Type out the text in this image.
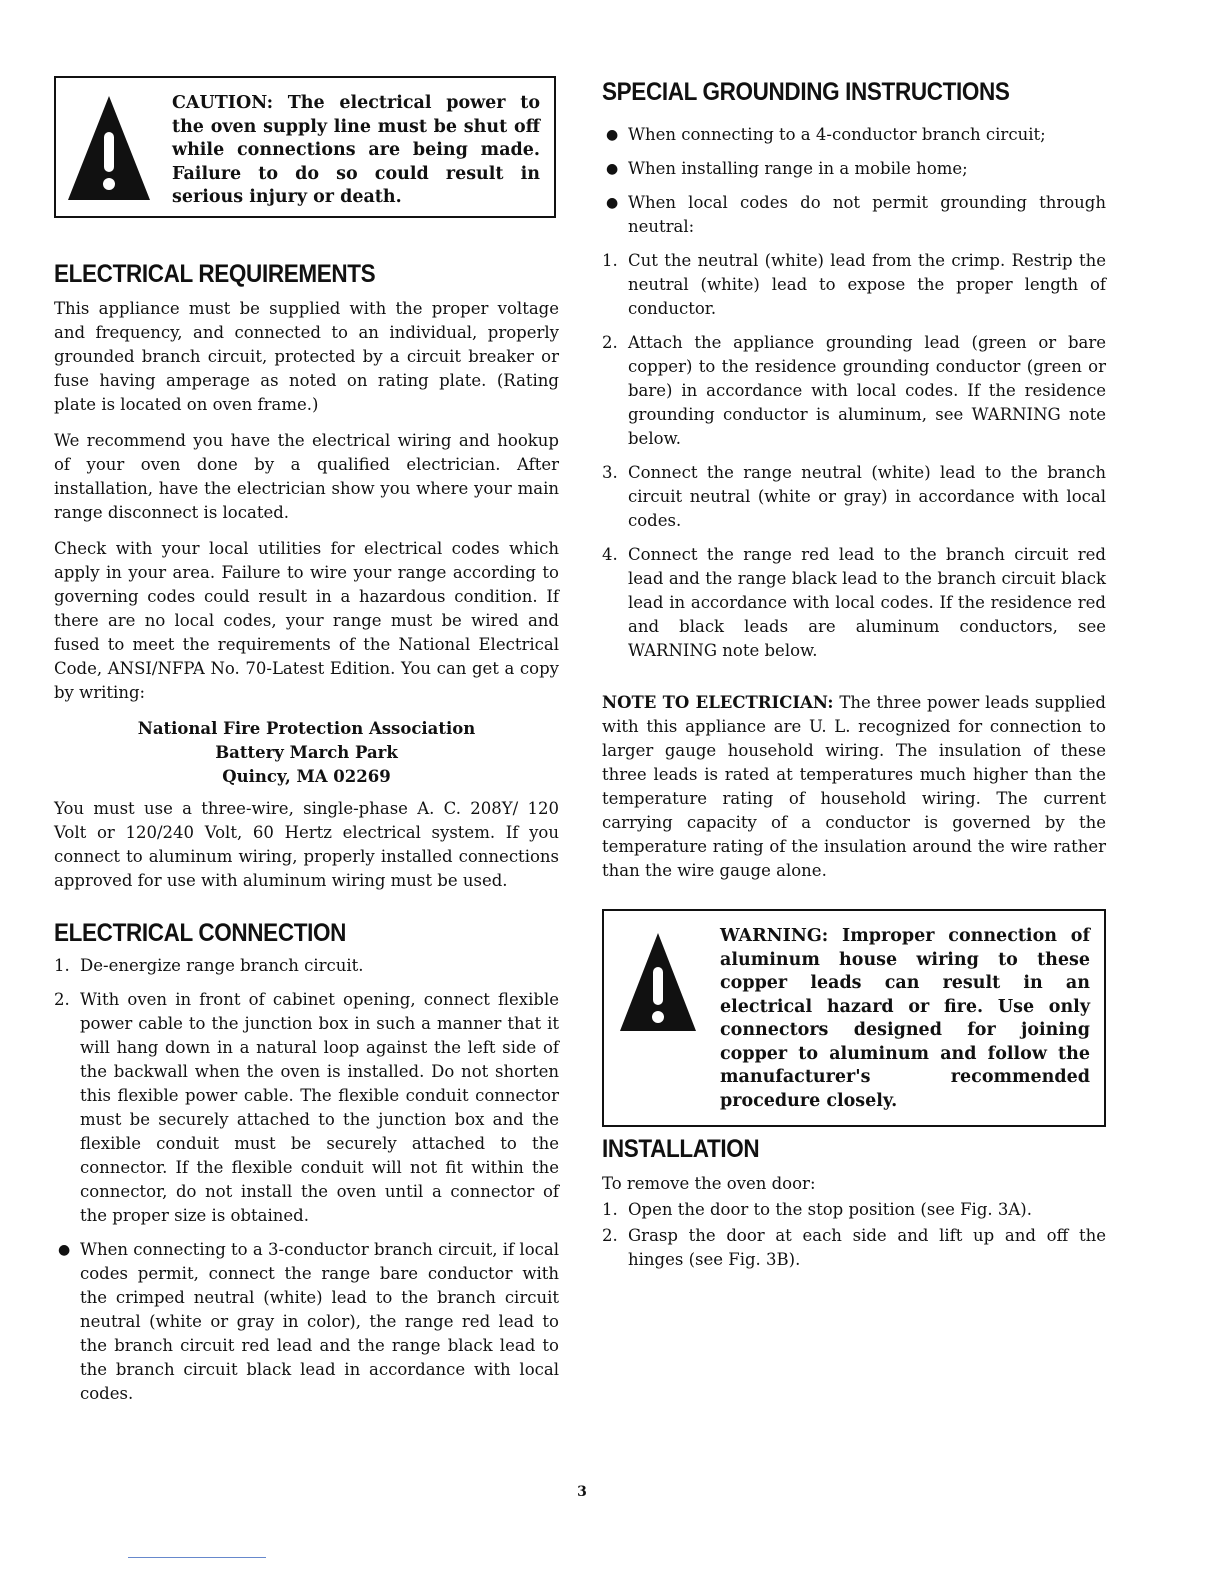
CAUTION: The electrical power to the oven supply line must be shut off while connections are being made. Failure to do so could result in serious injury or death.
ELECTRICAL REQUIREMENTS

This appliance must be supplied with the proper voltage and frequency, and connected to an individual, properly grounded branch circuit, protected by a circuit breaker or fuse having amperage as noted on rating plate. (Rating plate is located on oven frame.)

We recommend you have the electrical wiring and hookup of your oven done by a qualified electrician. After installation, have the electrician show you where your main range disconnect is located.

Check with your local utilities for electrical codes which apply in your area. Failure to wire your range according to governing codes could result in a hazardous condition. If there are no local codes, your range must be wired and fused to meet the requirements of the National Electrical Code, ANSI/NFPA No. 70-Latest Edition. You can get a copy by writing:

National Fire Protection Association
Battery March Park
Quincy, MA 02269

You must use a three-wire, single-phase A. C. 208Y/ 120 Volt or 120/240 Volt, 60 Hertz electrical system. If you connect to aluminum wiring, properly installed connections approved for use with aluminum wiring must be used.

ELECTRICAL CONNECTION
1. De-energize range branch circuit.
2. With oven in front of cabinet opening, connect flexible power cable to the junction box in such a manner that it will hang down in a natural loop against the left side of the backwall when the oven is installed. Do not shorten this flexible power cable. The flexible conduit connector must be securely attached to the junction box and the flexible conduit must be securely attached to the connector. If the flexible conduit will not fit within the connector, do not install the oven until a connector of the proper size is obtained.
● When connecting to a 3-conductor branch circuit, if local codes permit, connect the range bare conductor with the crimped neutral (white) lead to the branch circuit neutral (white or gray in color), the range red lead to the branch circuit red lead and the range black lead to the branch circuit black lead in accordance with local codes.
SPECIAL GROUNDING INSTRUCTIONS
● When connecting to a 4-conductor branch circuit;
● When installing range in a mobile home;
● When local codes do not permit grounding through neutral:
1. Cut the neutral (white) lead from the crimp. Restrip the neutral (white) lead to expose the proper length of conductor.
2. Attach the appliance grounding lead (green or bare copper) to the residence grounding conductor (green or bare) in accordance with local codes. If the residence grounding conductor is aluminum, see WARNING note below.
3. Connect the range neutral (white) lead to the branch circuit neutral (white or gray) in accordance with local codes.
4. Connect the range red lead to the branch circuit red lead and the range black lead to the branch circuit black lead in accordance with local codes. If the residence red and black leads are aluminum conductors, see WARNING note below.

NOTE TO ELECTRICIAN: The three power leads supplied with this appliance are U. L. recognized for connection to larger gauge household wiring. The insulation of these three leads is rated at temperatures much higher than the temperature rating of household wiring. The current carrying capacity of a conductor is governed by the temperature rating of the insulation around the wire rather than the wire gauge alone.

WARNING: Improper connection of aluminum house wiring to these copper leads can result in an electrical hazard or fire. Use only connectors designed for joining copper to aluminum and follow the manufacturer's recommended procedure closely.
INSTALLATION

To remove the oven door:

1. Open the door to the stop position (see Fig. 3A).
2. Grasp the door at each side and lift up and off the hinges (see Fig. 3B).
3
